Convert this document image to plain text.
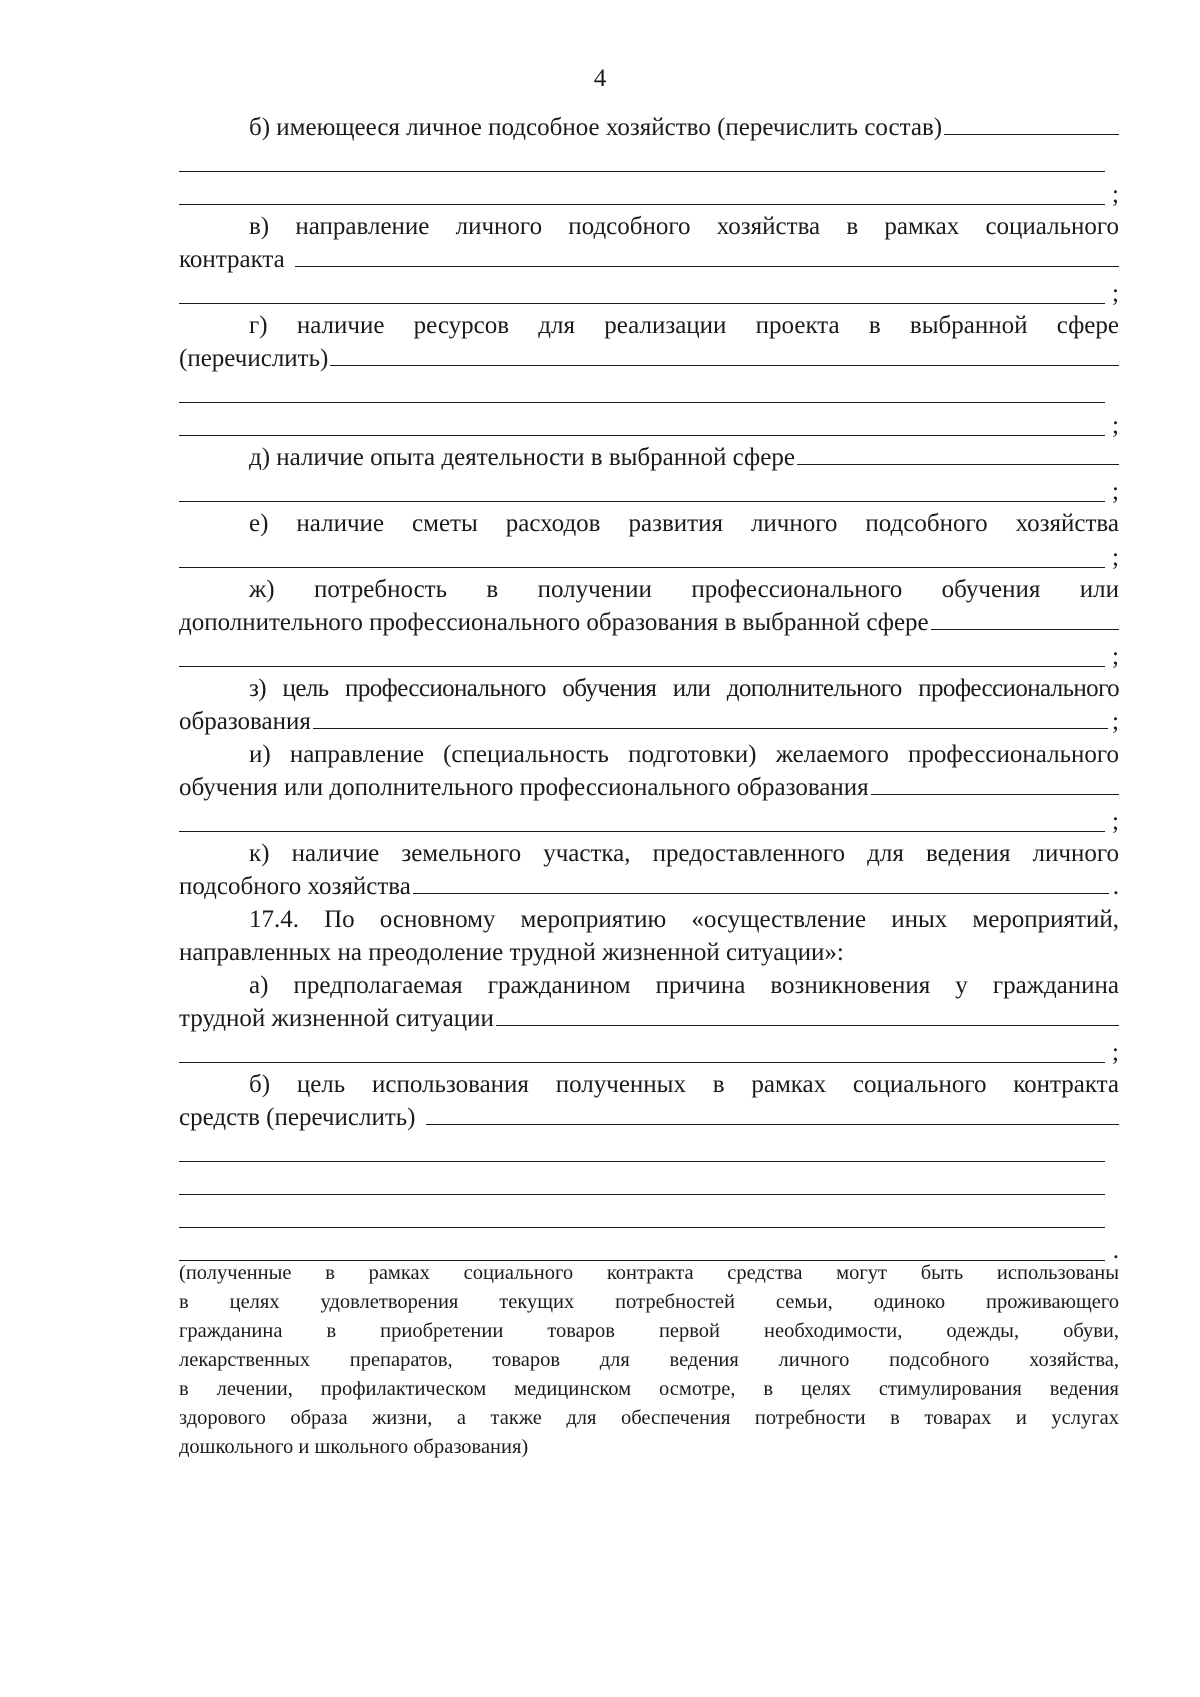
4
б) имеющееся личное подсобное хозяйство (перечислить состав)
;
в) направление личного подсобного хозяйства в рамках социального
контракта
;
г) наличие ресурсов для реализации проекта в выбранной сфере
(перечислить)
;
д) наличие опыта деятельности в выбранной сфере
;
е) наличие сметы расходов развития личного подсобного хозяйства
;
ж) потребность в получении профессионального обучения или
дополнительного профессионального образования в выбранной сфере
;
з) цель профессионального обучения или дополнительного профессионального
образования	;
и) направление (специальность подготовки) желаемого профессионального
обучения или дополнительного профессионального образования
;
к) наличие земельного участка, предоставленного для ведения личного
подсобного хозяйства	.
17.4. По основному мероприятию «осуществление иных мероприятий,
направленных на преодоление трудной жизненной ситуации»:
а) предполагаемая гражданином причина возникновения у гражданина
трудной жизненной ситуации
;
б) цель использования полученных в рамках социального контракта
средств (перечислить)
.
(полученные в рамках социального контракта средства могут быть использованы
в целях удовлетворения текущих потребностей семьи, одиноко проживающего
гражданина в приобретении товаров первой необходимости, одежды, обуви,
лекарственных препаратов, товаров для ведения личного подсобного хозяйства,
в лечении, профилактическом медицинском осмотре, в целях стимулирования ведения
здорового образа жизни, а также для обеспечения потребности в товарах и услугах
дошкольного и школьного образования)
